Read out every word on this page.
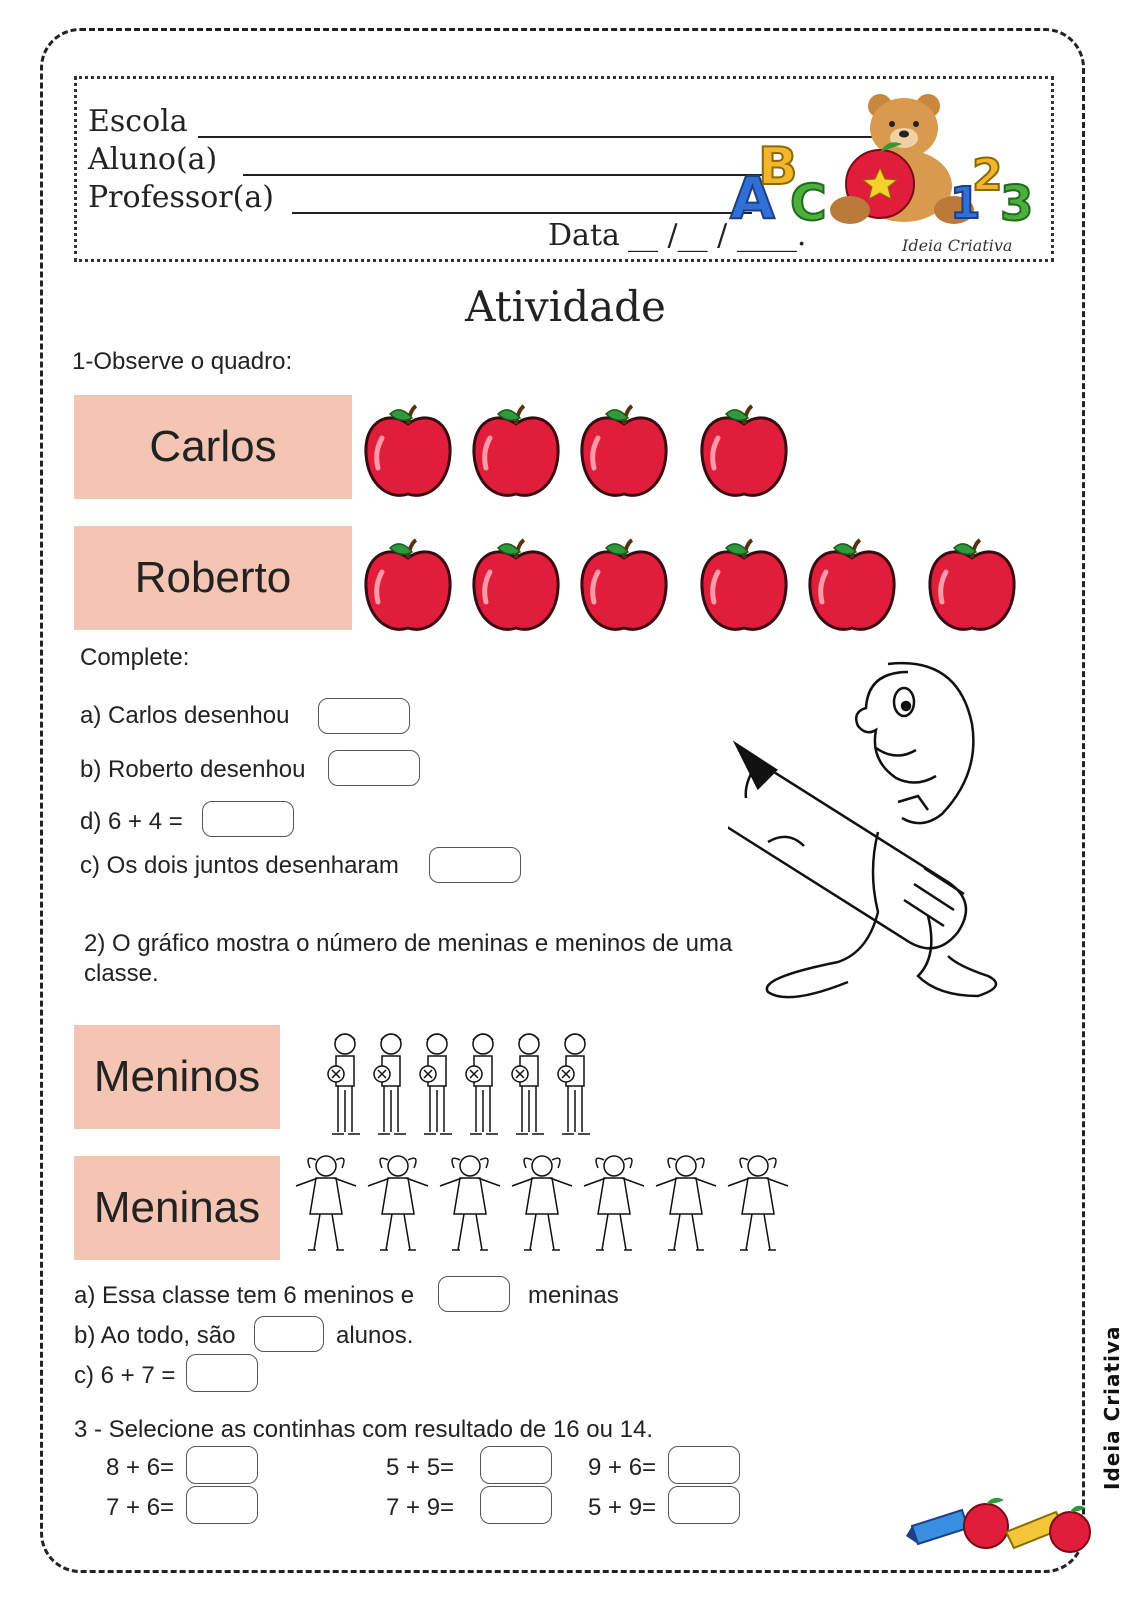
Escola
Aluno(a)
Professor(a)
Data __ /__ / ____.
A
B
C	1
2
3
Ideia Criativa
Atividade
1-Observe o quadro:
Carlos
Roberto
Complete:
a) Carlos desenhou
b) Roberto desenhou
d) 6 + 4 =
c) Os dois juntos desenharam
2) O gráfico mostra o número de meninas e meninos de uma
classe.
Meninos
Meninas
a) Essa classe tem 6 meninos e	meninas
b) Ao todo, são	alunos.
c) 6 + 7 =
3 - Selecione as continhas com resultado de 16 ou 14.
8 + 6=	5 + 5=	9 + 6=
7 + 6=	7 + 9=	5 + 9=
Ideia Criativa
